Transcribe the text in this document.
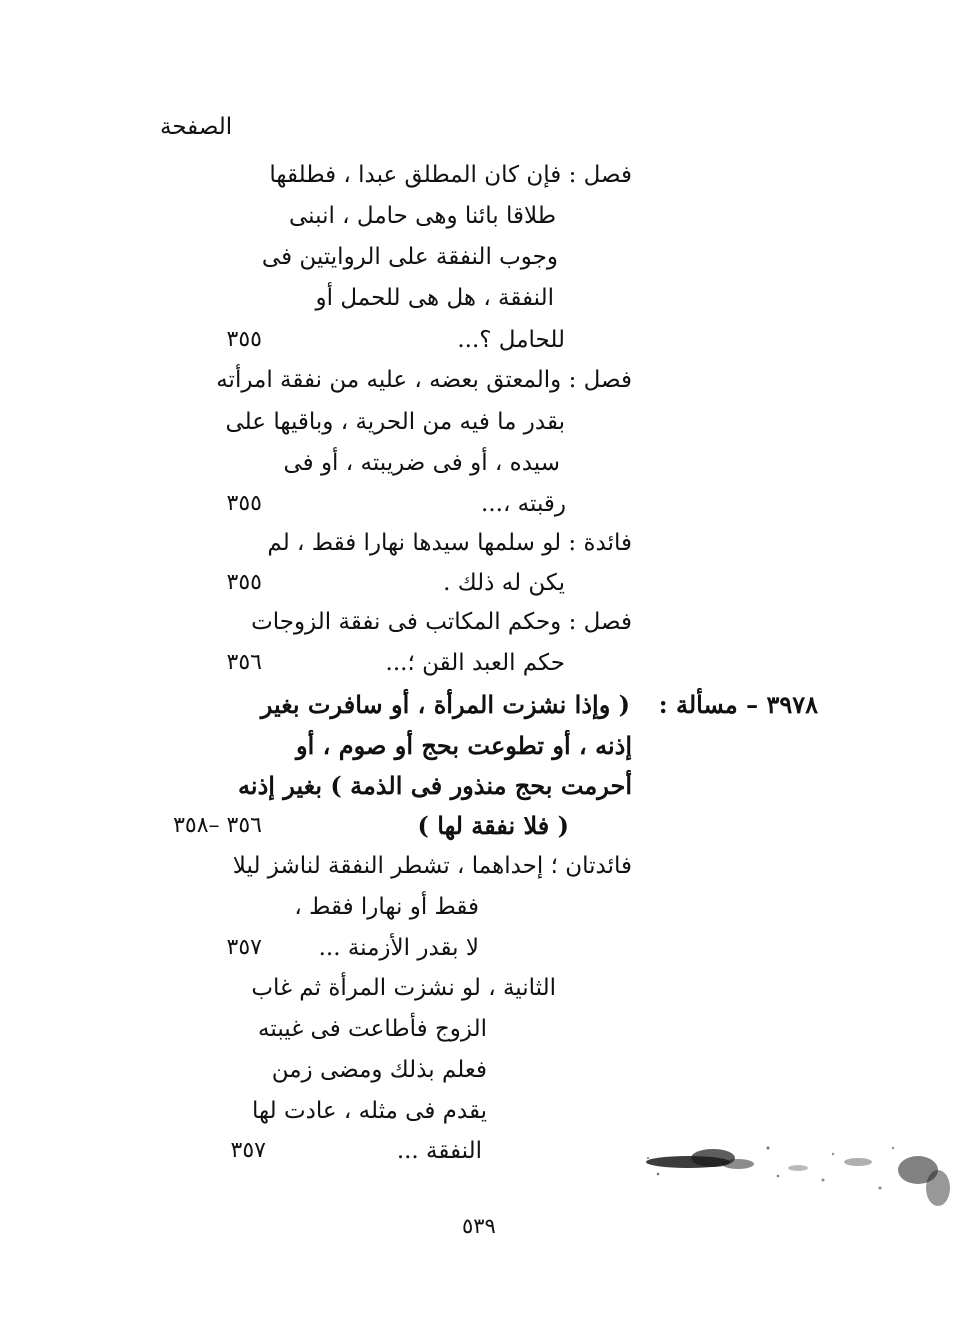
الصفحة
فصل : فإن كان المطلق عبدا ، فطلقها
طلاقا بائنا وهى حامل ، انبنى
وجوب النفقة على الروايتين فى
النفقة ، هل هى للحمل أو
للحامل ؟...
٣٥٥
فصل : والمعتق بعضه ، عليه من نفقة امرأته
بقدر ما فيه من الحرية ، وباقيها على
سيده ، أو فى ضريبته ، أو فى
رقبته ،...
٣٥٥
فائدة : لو سلمها سيدها نهارا فقط ، لم
يكن له ذلك .
٣٥٥
فصل : وحكم المكاتب فى نفقة الزوجات
حكم العبد القن ؛...
٣٥٦
٣٩٧٨ – مسألة :
( وإذا نشزت المرأة ، أو سافرت بغير
إذنه ، أو تطوعت بحج أو صوم ، أو
أحرمت بحج منذور فى الذمة ) بغير إذنه
( فلا نفقة لها )
٣٥٦ –٣٥٨
فائدتان ؛ إحداهما ، تشطر النفقة لناشز ليلا
فقط أو نهارا فقط ،
لا بقدر الأزمنة ...
٣٥٧
الثانية ، لو نشزت المرأة ثم غاب
الزوج فأطاعت فى غيبته
فعلم بذلك ومضى زمن
يقدم فى مثله ، عادت لها
النفقة ...
٣٥٧
٥٣٩
